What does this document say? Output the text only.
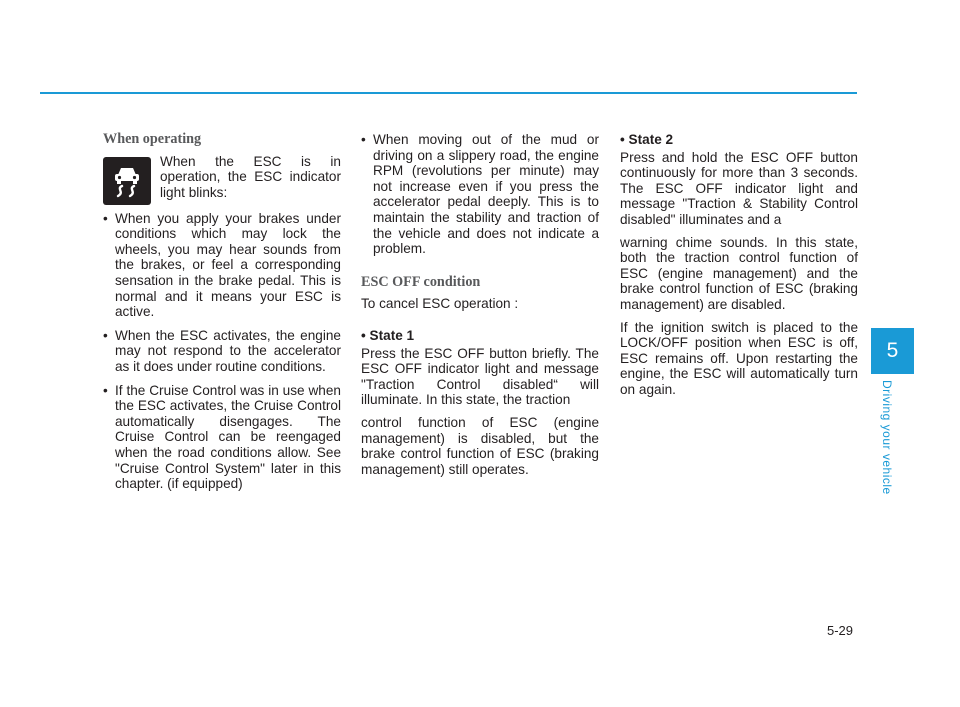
When operating
When the ESC is in operation, the ESC indicator light blinks:
• When you apply your brakes under conditions which may lock the wheels, you may hear sounds from the brakes, or feel a corresponding sensation in the brake pedal. This is normal and it means your ESC is active.
• When the ESC activates, the engine may not respond to the accelerator as it does under routine conditions.
• If the Cruise Control was in use when the ESC activates, the Cruise Control automatically disengages. The Cruise Control can be reengaged when the road conditions allow. See "Cruise Control System" later in this chapter. (if equipped)
• When moving out of the mud or driving on a slippery road, the engine RPM (revolutions per minute) may not increase even if you press the accelerator pedal deeply. This is to maintain the stability and traction of the vehicle and does not indicate a problem.
ESC OFF condition

To cancel ESC operation :

• State 1

Press the ESC OFF button briefly. The ESC OFF indicator light and message "Traction Control disabled“ will illuminate. In this state, the traction

control function of ESC (engine management) is disabled, but the brake control function of ESC (braking management) still operates.

• State 2

Press and hold the ESC OFF button continuously for more than 3 seconds. The ESC OFF indicator light and message "Traction & Stability Control disabled" illuminates and a

warning chime sounds. In this state, both the traction control function of ESC (engine management) and the brake control function of ESC (braking management) are disabled.

If the ignition switch is placed to the LOCK/OFF position when ESC is off, ESC remains off. Upon restarting the engine, the ESC will automatically turn on again.

5
Driving your vehicle
5-29
